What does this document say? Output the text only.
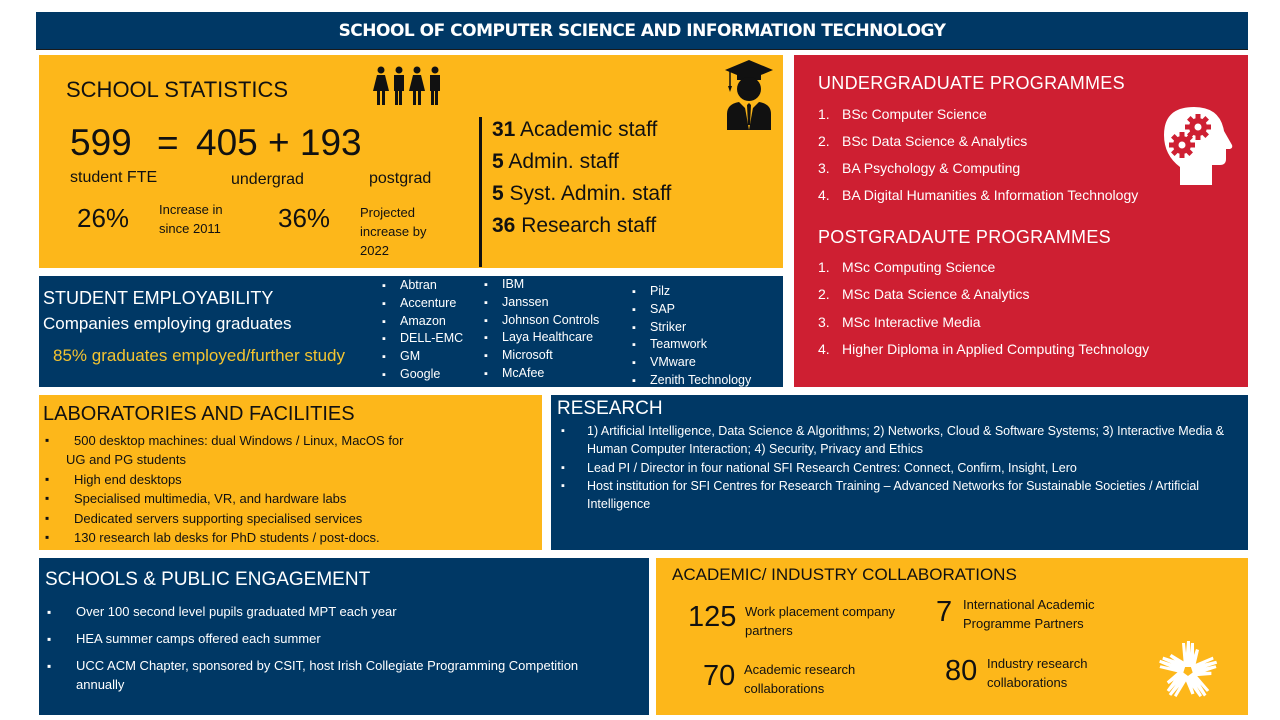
SCHOOL OF COMPUTER SCIENCE AND INFORMATION TECHNOLOGY
SCHOOL STATISTICS
599 = 405 + 193
student FTE	undergrad	postgrad
26% Increase in since 2011	36% Projected increase by 2022
31 Academic staff
5 Admin. staff
5 Syst. Admin. staff
36 Research staff
UNDERGRADUATE PROGRAMMES
1. BSc Computer Science
2. BSc Data Science & Analytics
3. BA Psychology & Computing
4. BA Digital Humanities & Information Technology
POSTGRADAUTE PROGRAMMES
1. MSc Computing Science
2. MSc Data Science & Analytics
3. MSc Interactive Media
4. Higher Diploma in Applied Computing Technology
STUDENT EMPLOYABILITY
Companies employing graduates
85% graduates employed/further study
▪ Abtran
▪ Accenture
▪ Amazon
▪ DELL-EMC
▪ GM
▪ Google
▪ IBM
▪ Janssen
▪ Johnson Controls
▪ Laya Healthcare
▪ Microsoft
▪ McAfee
▪ Pilz
▪ SAP
▪ Striker
▪ Teamwork
▪ VMware
▪ Zenith Technology
LABORATORIES AND FACILITIES
▪ 500 desktop machines: dual Windows / Linux, MacOS for
UG and PG students
▪ High end desktops
▪ Specialised multimedia, VR, and hardware labs
▪ Dedicated servers supporting specialised services
▪ 130 research lab desks for PhD students / post-docs.
RESEARCH
▪ 1) Artificial Intelligence, Data Science & Algorithms; 2) Networks, Cloud & Software Systems; 3) Interactive Media & Human Computer Interaction; 4) Security, Privacy and Ethics
▪ Lead PI / Director in four national SFI Research Centres: Connect, Confirm, Insight, Lero
▪ Host institution for SFI Centres for Research Training – Advanced Networks for Sustainable Societies / Artificial Intelligence
SCHOOLS & PUBLIC ENGAGEMENT
▪ Over 100 second level pupils graduated MPT each year
▪ HEA summer camps offered each summer
▪ UCC ACM Chapter, sponsored by CSIT, host Irish Collegiate Programming Competition annually
ACADEMIC/ INDUSTRY COLLABORATIONS
125 Work placement company partners
7 International Academic Programme Partners
70 Academic research collaborations
80 Industry research collaborations
